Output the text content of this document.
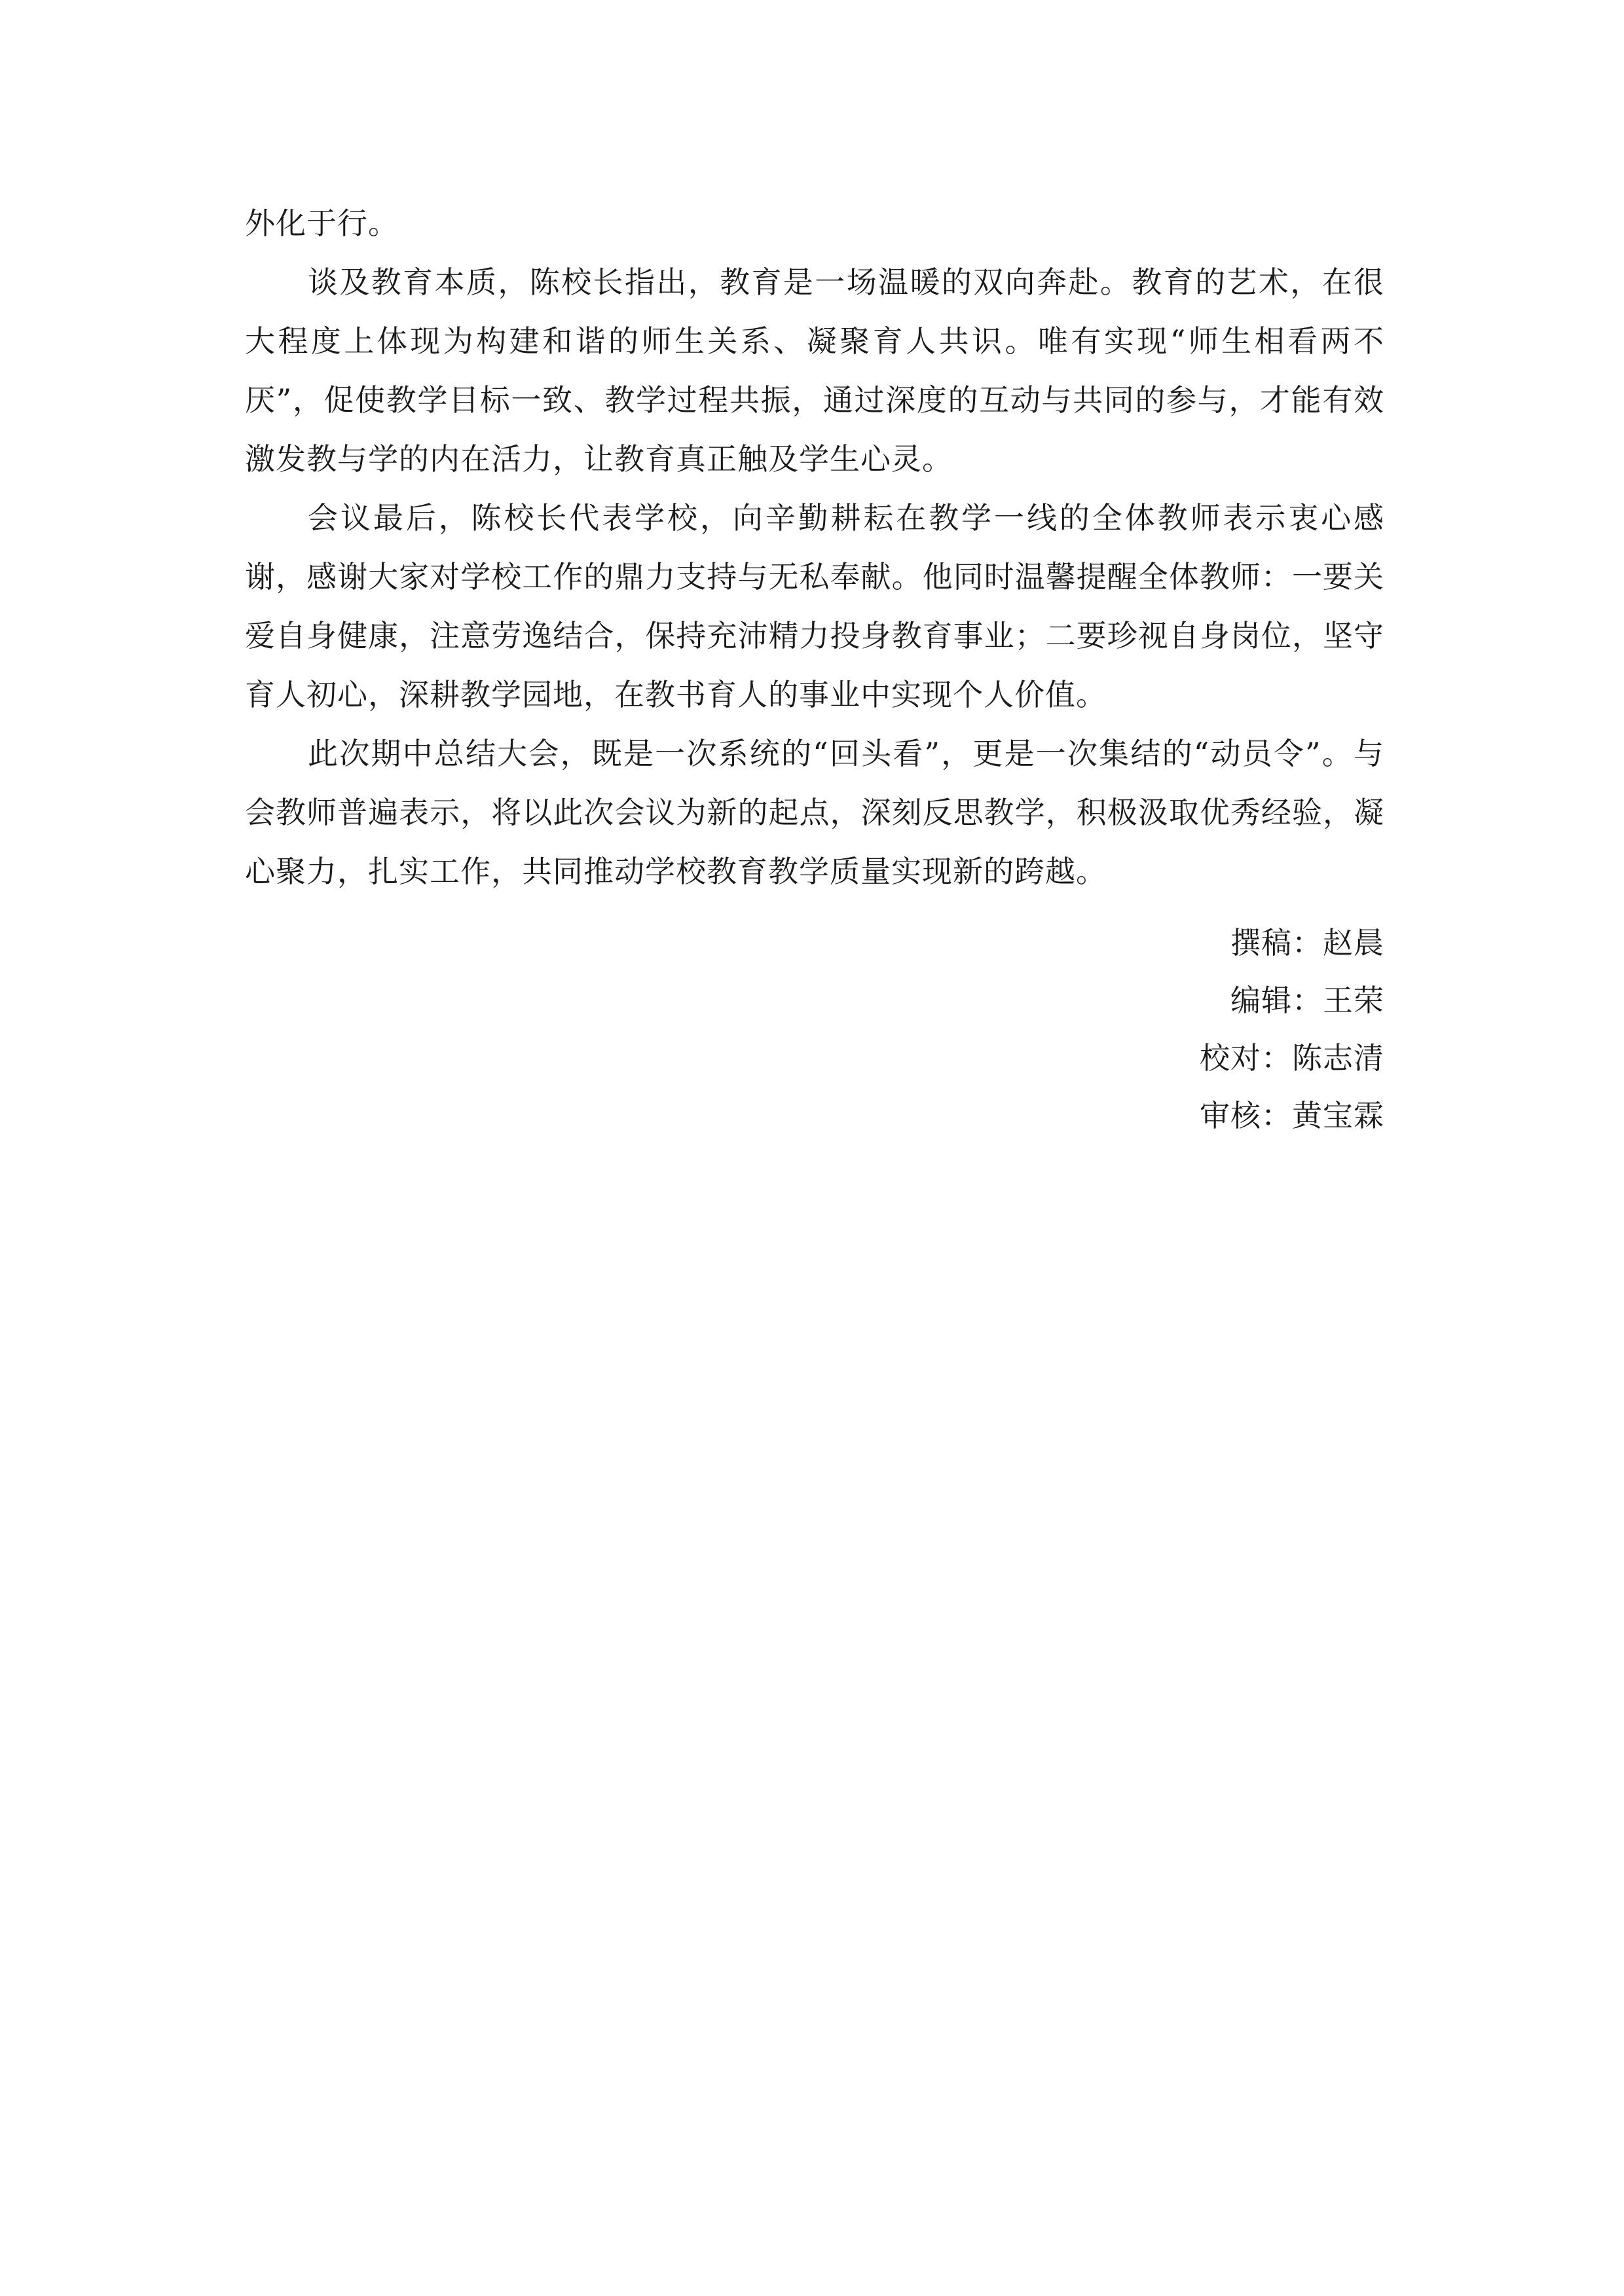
外化于行。

谈及教育本质，陈校长指出，教育是一场温暖的双向奔赴。教育的艺术，在很大程度上体现为构建和谐的师生关系、凝聚育人共识。唯有实现“师生相看两不厌”，促使教学目标一致、教学过程共振，通过深度的互动与共同的参与，才能有效激发教与学的内在活力，让教育真正触及学生心灵。

会议最后，陈校长代表学校，向辛勤耕耘在教学一线的全体教师表示衷心感谢，感谢大家对学校工作的鼎力支持与无私奉献。他同时温馨提醒全体教师：一要关爱自身健康，注意劳逸结合，保持充沛精力投身教育事业；二要珍视自身岗位，坚守育人初心，深耕教学园地，在教书育人的事业中实现个人价值。

此次期中总结大会，既是一次系统的“回头看”，更是一次集结的“动员令”。与会教师普遍表示，将以此次会议为新的起点，深刻反思教学，积极汲取优秀经验，凝心聚力，扎实工作，共同推动学校教育教学质量实现新的跨越。

撰稿：赵晨
编辑：王荣
校对：陈志清
审核：黄宝霖
